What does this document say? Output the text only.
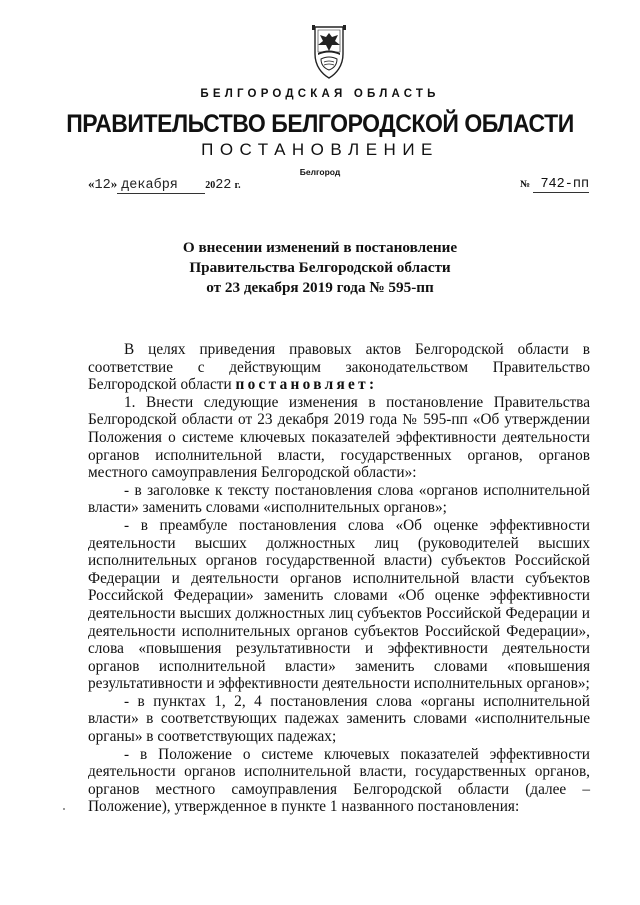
БЕЛГОРОДСКАЯ ОБЛАСТЬ
ПРАВИТЕЛЬСТВО БЕЛГОРОДСКОЙ ОБЛАСТИ
ПОСТАНОВЛЕНИЕ
Белгород
«12» декабря	2022 г.	№ 742-пп
О внесении изменений в постановление
Правительства Белгородской области
от 23 декабря 2019 года № 595-пп

В целях приведения правовых актов Белгородской области в соответствие с действующим законодательством Правительство Белгородской области постановляет:

1. Внести следующие изменения в постановление Правительства Белгородской области от 23 декабря 2019 года № 595-пп «Об утверждении Положения о системе ключевых показателей эффективности деятельности органов исполнительной власти, государственных органов, органов местного самоуправления Белгородской области»:

- в заголовке к тексту постановления слова «органов исполнительной власти» заменить словами «исполнительных органов»;

- в преамбуле постановления слова «Об оценке эффективности деятельности высших должностных лиц (руководителей высших исполнительных органов государственной власти) субъектов Российской Федерации и деятельности органов исполнительной власти субъектов Российской Федерации» заменить словами «Об оценке эффективности деятельности высших должностных лиц субъектов Российской Федерации и деятельности исполнительных органов субъектов Российской Федерации», слова «повышения результативности и эффективности деятельности органов исполнительной власти» заменить словами «повышения результативности и эффективности деятельности исполнительных органов»;

- в пунктах 1, 2, 4 постановления слова «органы исполнительной власти» в соответствующих падежах заменить словами «исполнительные органы» в соответствующих падежах;

- в Положение о системе ключевых показателей эффективности деятельности органов исполнительной власти, государственных органов, органов местного самоуправления Белгородской области (далее – Положение), утвержденное в пункте 1 названного постановления:
